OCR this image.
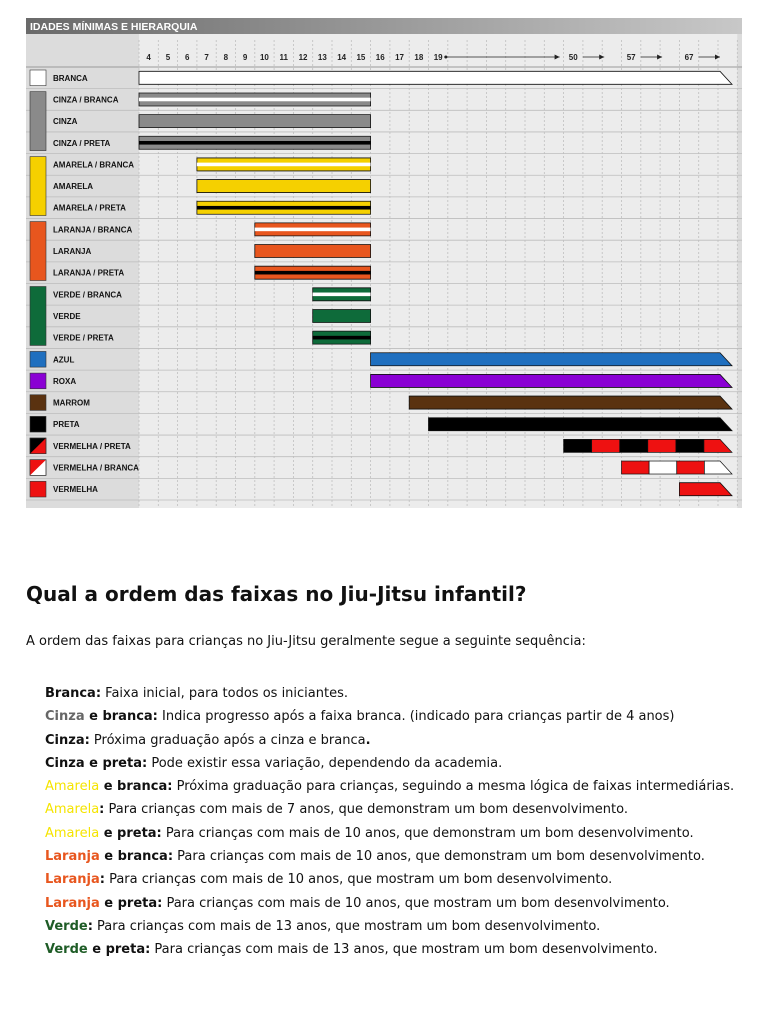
IDADES MÍNIMAS E HIERARQUIA
4 5 6 7 8 9 10 11 12 13 14 15 16 17 18 19	50	57	67
BRANCA
CINZA / BRANCA
CINZA
CINZA / PRETA
AMARELA / BRANCA
AMARELA
AMARELA / PRETA
LARANJA / BRANCA
LARANJA
LARANJA / PRETA
VERDE / BRANCA
VERDE
VERDE / PRETA
AZUL
ROXA
MARROM
PRETA
VERMELHA / PRETA
VERMELHA / BRANCA
VERMELHA
Qual a ordem das faixas no Jiu-Jitsu infantil?

A ordem das faixas para crianças no Jiu-Jitsu geralmente segue a seguinte sequência:

Branca: Faixa inicial, para todos os iniciantes.
Cinza e branca: Indica progresso após a faixa branca. (indicado para crianças partir de 4 anos)
Cinza: Próxima graduação após a cinza e branca.
Cinza e preta: Pode existir essa variação, dependendo da academia.
Amarela e branca: Próxima graduação para crianças, seguindo a mesma lógica de faixas intermediárias.
Amarela: Para crianças com mais de 7 anos, que demonstram um bom desenvolvimento.
Amarela e preta: Para crianças com mais de 10 anos, que demonstram um bom desenvolvimento.
Laranja e branca: Para crianças com mais de 10 anos, que demonstram um bom desenvolvimento.
Laranja: Para crianças com mais de 10 anos, que mostram um bom desenvolvimento.
Laranja e preta: Para crianças com mais de 10 anos, que mostram um bom desenvolvimento.
Verde: Para crianças com mais de 13 anos, que mostram um bom desenvolvimento.
Verde e preta: Para crianças com mais de 13 anos, que mostram um bom desenvolvimento.
